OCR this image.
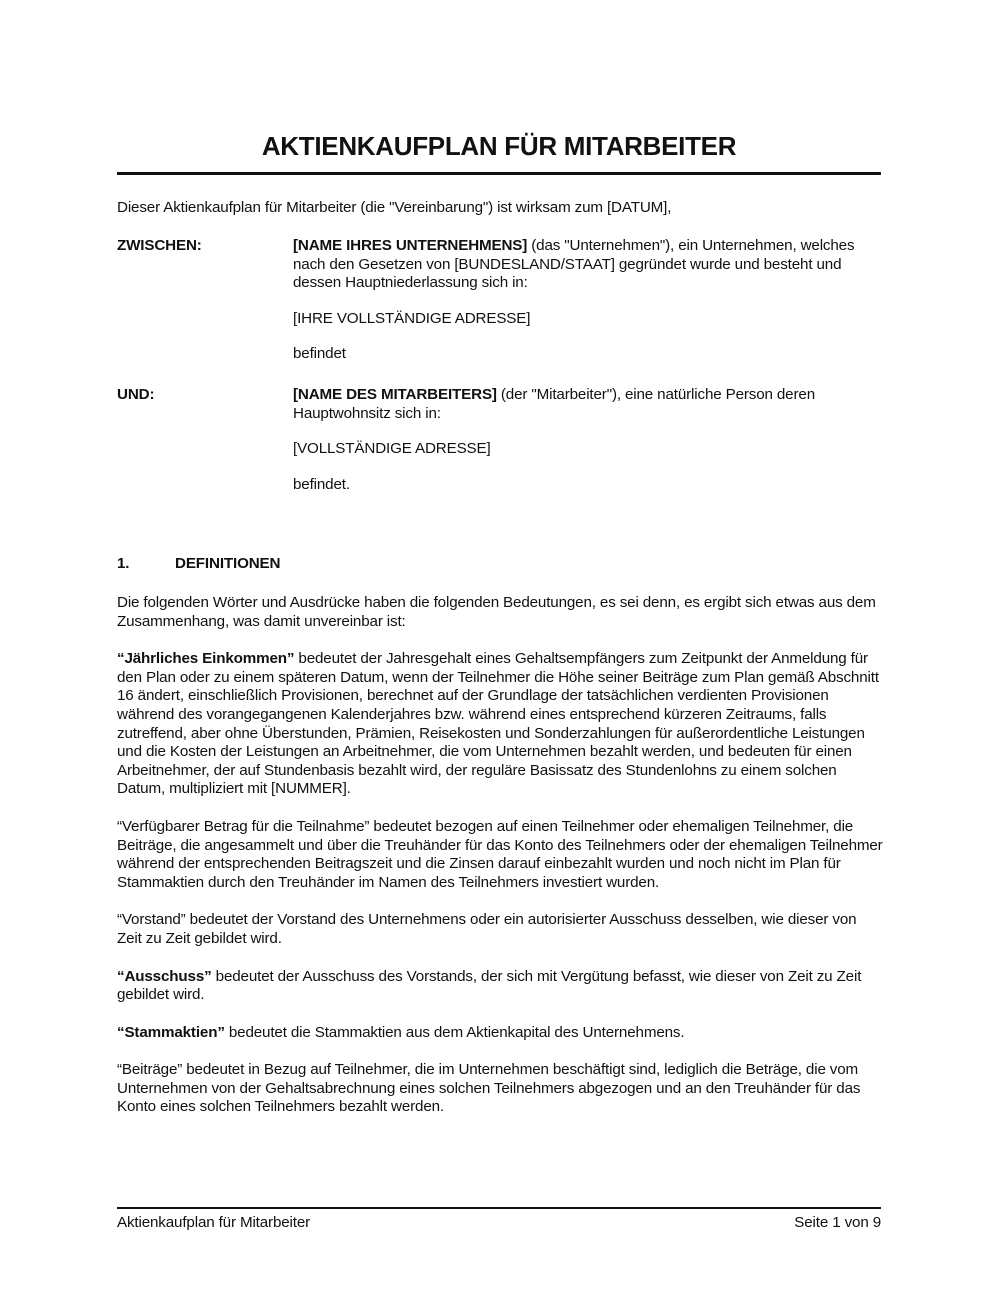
AKTIENKAUFPLAN FÜR MITARBEITER
Dieser Aktienkaufplan für Mitarbeiter (die "Vereinbarung") ist wirksam zum [DATUM],
ZWISCHEN:	[NAME IHRES UNTERNEHMENS] (das "Unternehmen"), ein Unternehmen, welches nach den Gesetzen von [BUNDESLAND/STAAT] gegründet wurde und besteht und dessen Hauptniederlassung sich in:

[IHRE VOLLSTÄNDIGE ADRESSE]

befindet

UND:	[NAME DES MITARBEITERS] (der "Mitarbeiter"), eine natürliche Person deren Hauptwohnsitz sich in:

[VOLLSTÄNDIGE ADRESSE]

befindet.

1.	DEFINITIONEN

Die folgenden Wörter und Ausdrücke haben die folgenden Bedeutungen, es sei denn, es ergibt sich etwas aus dem Zusammenhang, was damit unvereinbar ist:

“Jährliches Einkommen” bedeutet der Jahresgehalt eines Gehaltsempfängers zum Zeitpunkt der Anmeldung für den Plan oder zu einem späteren Datum, wenn der Teilnehmer die Höhe seiner Beiträge zum Plan gemäß Abschnitt 16 ändert, einschließlich Provisionen, berechnet auf der Grundlage der tatsächlichen verdienten Provisionen während des vorangegangenen Kalenderjahres bzw. während eines entsprechend kürzeren Zeitraums, falls zutreffend, aber ohne Überstunden, Prämien, Reisekosten und Sonderzahlungen für außerordentliche Leistungen und die Kosten der Leistungen an Arbeitnehmer, die vom Unternehmen bezahlt werden, und bedeuten für einen Arbeitnehmer, der auf Stundenbasis bezahlt wird, der reguläre Basissatz des Stundenlohns zu einem solchen Datum, multipliziert mit [NUMMER].

“Verfügbarer Betrag für die Teilnahme” bedeutet bezogen auf einen Teilnehmer oder ehemaligen Teilnehmer, die Beiträge, die angesammelt und über die Treuhänder für das Konto des Teilnehmers oder der ehemaligen Teilnehmer während der entsprechenden Beitragszeit und die Zinsen darauf einbezahlt wurden und noch nicht im Plan für Stammaktien durch den Treuhänder im Namen des Teilnehmers investiert wurden.

“Vorstand” bedeutet der Vorstand des Unternehmens oder ein autorisierter Ausschuss desselben, wie dieser von Zeit zu Zeit gebildet wird.

“Ausschuss” bedeutet der Ausschuss des Vorstands, der sich mit Vergütung befasst, wie dieser von Zeit zu Zeit gebildet wird.

“Stammaktien” bedeutet die Stammaktien aus dem Aktienkapital des Unternehmens.

“Beiträge” bedeutet in Bezug auf Teilnehmer, die im Unternehmen beschäftigt sind, lediglich die Beträge, die vom Unternehmen von der Gehaltsabrechnung eines solchen Teilnehmers abgezogen und an den Treuhänder für das Konto eines solchen Teilnehmers bezahlt werden.

Aktienkaufplan für Mitarbeiter	Seite 1 von 9
